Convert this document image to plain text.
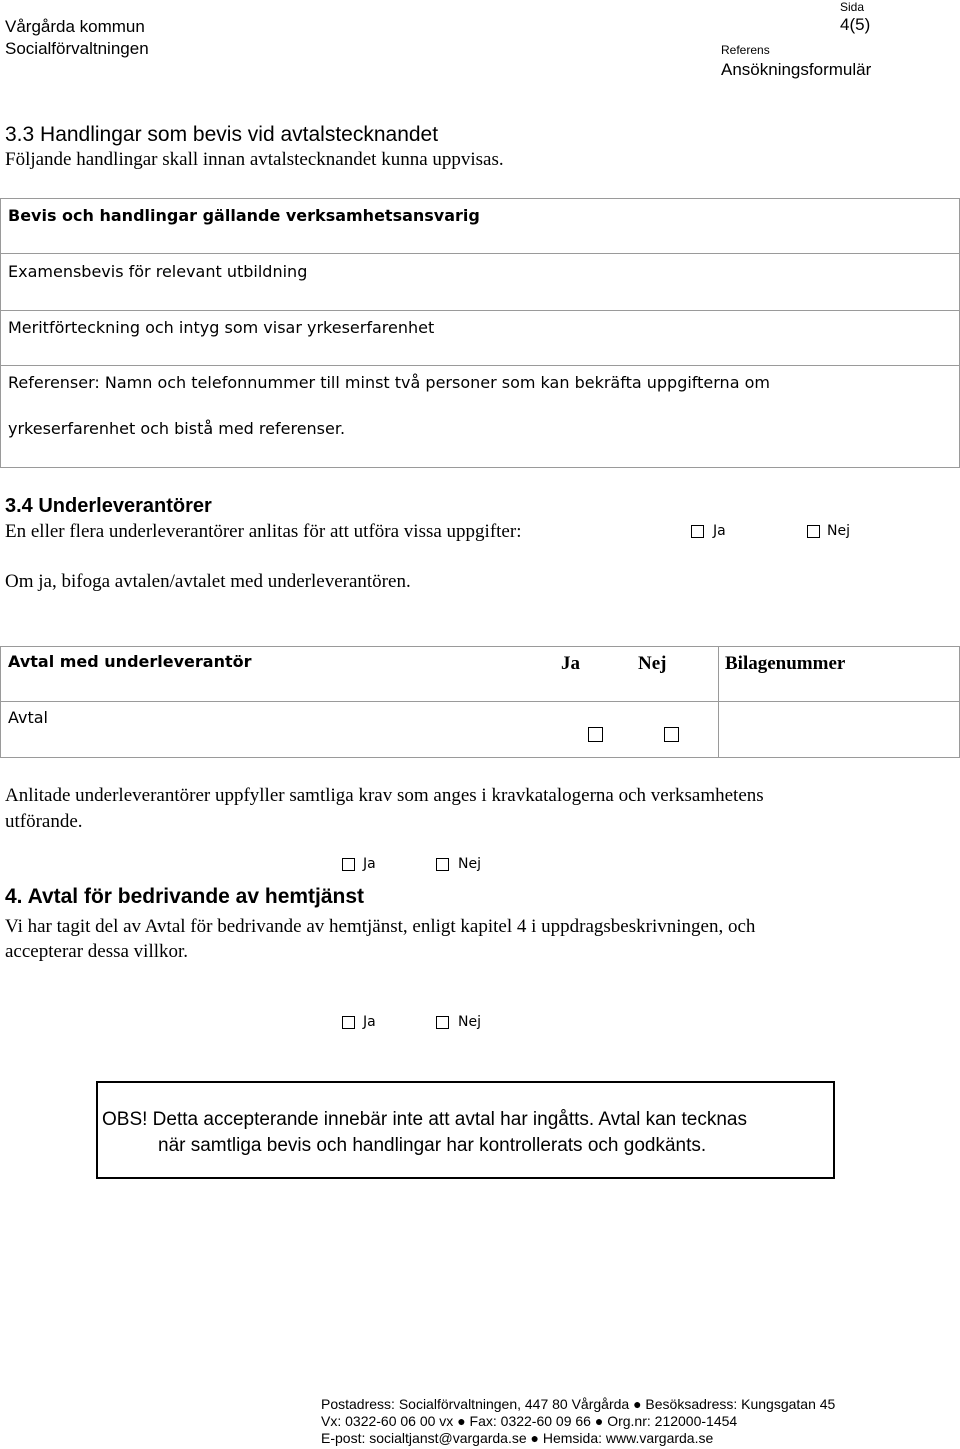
Vårgårda kommun
Socialförvaltningen
Sida
4(5)
Referens
Ansökningsformulär
3.3 Handlingar som bevis vid avtalstecknandet
Följande handlingar skall innan avtalstecknandet kunna uppvisas.
Bevis och handlingar gällande verksamhetsansvarig
Examensbevis för relevant utbildning
Meritförteckning och intyg som visar yrkeserfarenhet
Referenser: Namn och telefonnummer till minst två personer som kan bekräfta uppgifterna om
yrkeserfarenhet och bistå med referenser.
3.4 Underleverantörer
En eller flera underleverantörer anlitas för att utföra vissa uppgifter:	Ja	Nej
Om ja, bifoga avtalen/avtalet med underleverantören.
Avtal med underleverantör	Ja	Nej	Bilagenummer
Avtal
Anlitade underleverantörer uppfyller samtliga krav som anges i kravkatalogerna och verksamhetens
utförande.
Ja	Nej
4. Avtal för bedrivande av hemtjänst
Vi har tagit del av Avtal för bedrivande av hemtjänst, enligt kapitel 4 i uppdragsbeskrivningen, och
accepterar dessa villkor.
Ja	Nej
OBS! Detta accepterande innebär inte att avtal har ingåtts. Avtal kan tecknas
när samtliga bevis och handlingar har kontrollerats och godkänts.
Postadress: Socialförvaltningen, 447 80 Vårgårda ● Besöksadress: Kungsgatan 45
Vx: 0322-60 06 00 vx ● Fax: 0322-60 09 66 ● Org.nr: 212000-1454
E-post: socialtjanst@vargarda.se ● Hemsida: www.vargarda.se
